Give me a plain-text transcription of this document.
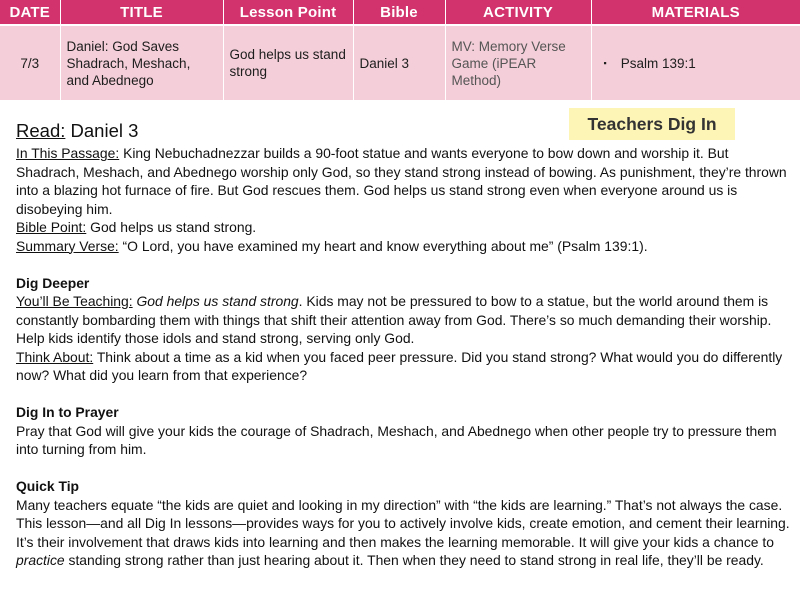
DATE	TITLE	Lesson Point	Bible	ACTIVITY	MATERIALS
7/3	Daniel: God Saves Shadrach, Meshach, and Abednego	God helps us stand strong	Daniel 3	MV: Memory Verse Game (iPEAR Method)	▪ Psalm 139:1
Teachers Dig In

Read: Daniel 3

In This Passage: King Nebuchadnezzar builds a 90-foot statue and wants everyone to bow down and worship it. But Shadrach, Meshach, and Abednego worship only God, so they stand strong instead of bowing. As punishment, they’re thrown into a blazing hot furnace of fire. But God rescues them. God helps us stand strong even when everyone around us is disobeying him.

Bible Point: God helps us stand strong.

Summary Verse: “O Lord, you have examined my heart and know everything about me” (Psalm 139:1).

Dig Deeper

You’ll Be Teaching: God helps us stand strong. Kids may not be pressured to bow to a statue, but the world around them is constantly bombarding them with things that shift their attention away from God. There’s so much demanding their worship. Help kids identify those idols and stand strong, serving only God.

Think About: Think about a time as a kid when you faced peer pressure. Did you stand strong? What would you do differently now? What did you learn from that experience?

Dig In to Prayer

Pray that God will give your kids the courage of Shadrach, Meshach, and Abednego when other people try to pressure them into turning from him.

Quick Tip

Many teachers equate “the kids are quiet and looking in my direction” with “the kids are learning.” That’s not always the case. This lesson—and all Dig In lessons—provides ways for you to actively involve kids, create emotion, and cement their learning. It’s their involvement that draws kids into learning and then makes the learning memorable. It will give your kids a chance to practice standing strong rather than just hearing about it. Then when they need to stand strong in real life, they’ll be ready.
